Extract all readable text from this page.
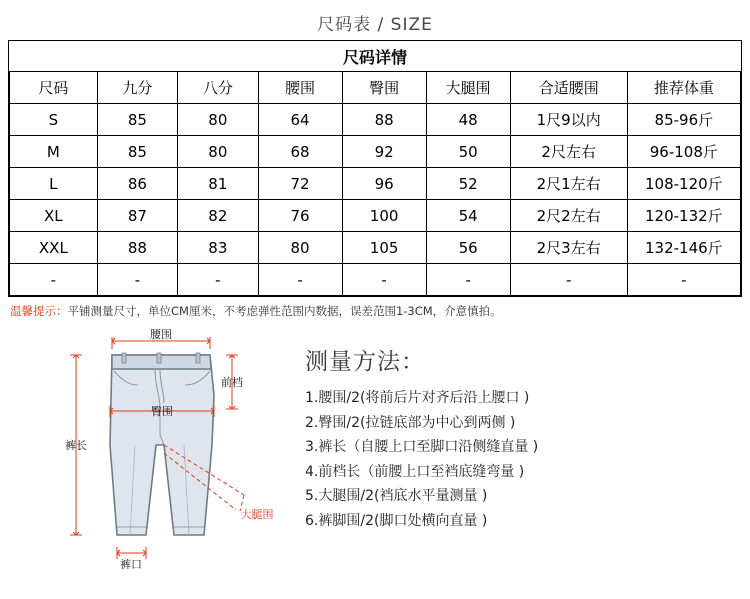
尺码表 / SIZE
尺码详情							
尺码	九分	八分	腰围	臀围	大腿围	合适腰围	推荐体重
S	85	80	64	88	48	1尺9以内	85-96斤
M	85	80	68	92	50	2尺左右	96-108斤
L	86	81	72	96	52	2尺1左右	108-120斤
XL	87	82	76	100	54	2尺2左右	120-132斤
XXL	88	83	80	105	56	2尺3左右	132-146斤
-	-	-	-	-	-	-	-
温馨提示：平铺测量尺寸，单位CM厘米，不考虑弹性范围内数据，误差范围1-3CM，介意慎拍。
腰围
臀围
前档
裤长
大腿围
裤口
测量方法：
1.腰围/2(将前后片对齐后沿上腰口 )
2.臀围/2(拉链底部为中心到两侧 )
3.裤长（自腰上口至脚口沿侧缝直量 )
4.前档长（前腰上口至裆底缝弯量 )
5.大腿围/2(裆底水平量测量 )
6.裤脚围/2(脚口处横向直量 )
